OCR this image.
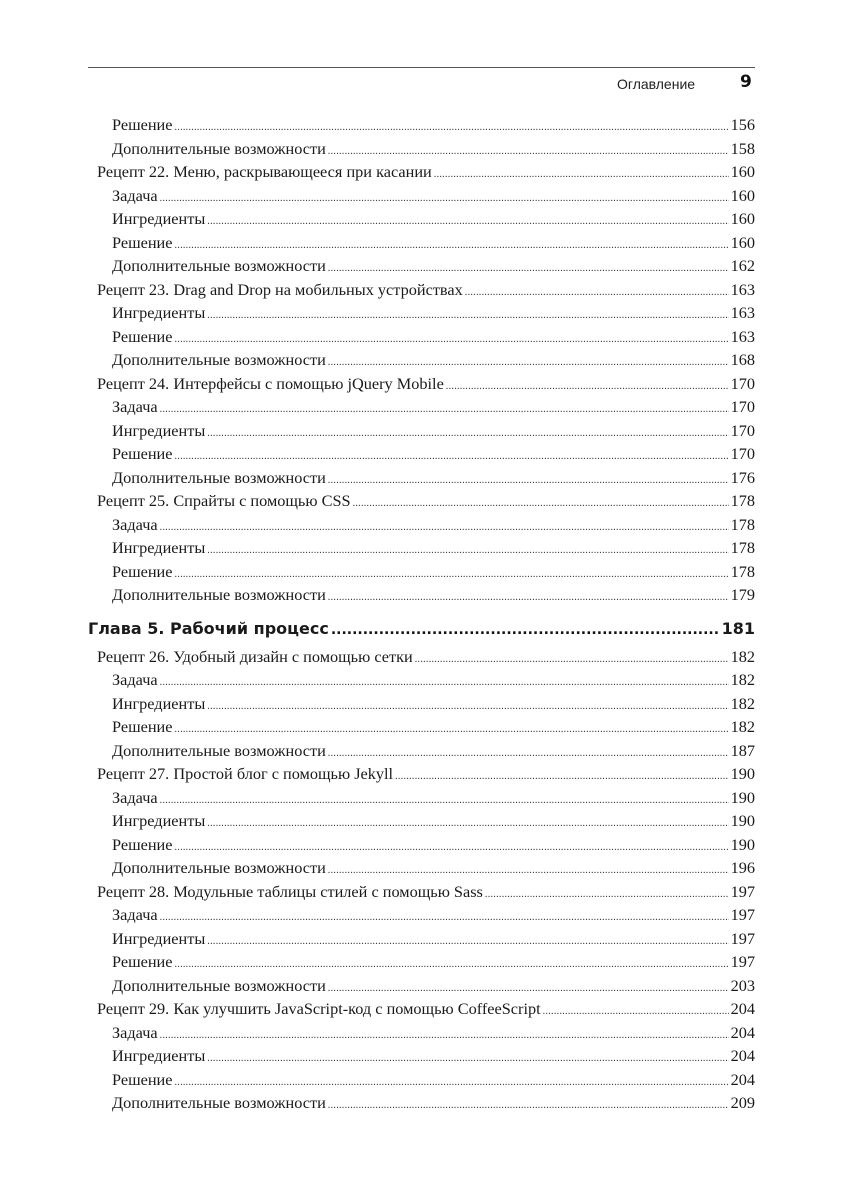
Оглавление	9
Решение .....	156
Дополнительные возможности .....	158
Рецепт 22. Меню, раскрывающееся при касании .....	160
Задача .....	160
Ингредиенты .....	160
Решение .....	160
Дополнительные возможности .....	162
Рецепт 23. Drag and Drop на мобильных устройствах .....	163
Ингредиенты .....	163
Решение .....	163
Дополнительные возможности .....	168
Рецепт 24. Интерфейсы с помощью jQuery Mobile .....	170
Задача .....	170
Ингредиенты .....	170
Решение .....	170
Дополнительные возможности .....	176
Рецепт 25. Спрайты с помощью CSS .....	178
Задача .....	178
Ингредиенты .....	178
Решение .....	178
Дополнительные возможности .....	179
Глава 5. Рабочий процесс .....	181
Рецепт 26. Удобный дизайн с помощью сетки .....	182
Задача .....	182
Ингредиенты .....	182
Решение .....	182
Дополнительные возможности .....	187
Рецепт 27. Простой блог с помощью Jekyll .....	190
Задача .....	190
Ингредиенты .....	190
Решение .....	190
Дополнительные возможности .....	196
Рецепт 28. Модульные таблицы стилей с помощью Sass .....	197
Задача .....	197
Ингредиенты .....	197
Решение .....	197
Дополнительные возможности .....	203
Рецепт 29. Как улучшить JavaScript-код с помощью CoffeeScript .....	204
Задача .....	204
Ингредиенты .....	204
Решение .....	204
Дополнительные возможности .....	209
